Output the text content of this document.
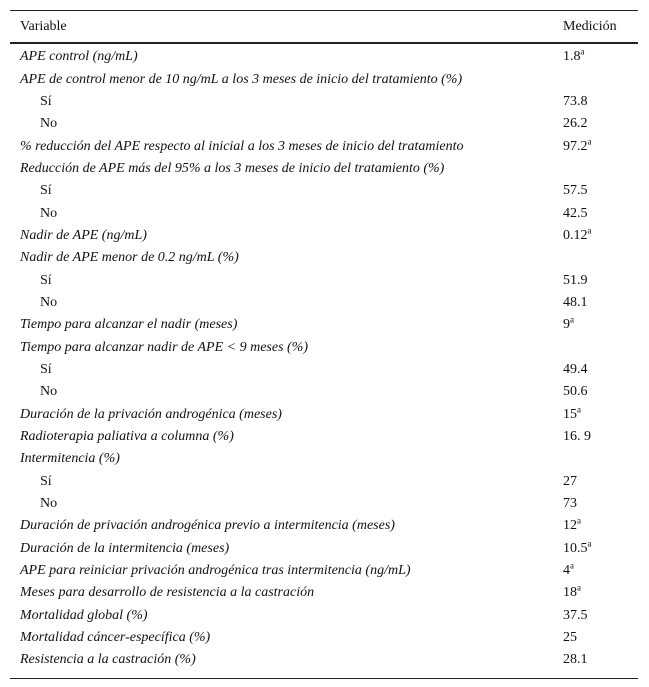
Variable	Medición
APE control (ng/mL)	1.8$^a$
APE de control menor de 10 ng/mL a los 3 meses de inicio del tratamiento (%)
Sí	73.8
No	26.2
% reducción del APE respecto al inicial a los 3 meses de inicio del tratamiento	97.2$^a$
Reducción de APE más del 95% a los 3 meses de inicio del tratamiento (%)
Sí	57.5
No	42.5
Nadir de APE (ng/mL)	0.12$^a$
Nadir de APE menor de 0.2 ng/mL (%)
Sí	51.9
No	48.1
Tiempo para alcanzar el nadir (meses)	9$^a$
Tiempo para alcanzar nadir de APE < 9 meses (%)
Sí	49.4
No	50.6
Duración de la privación androgénica (meses)	15$^a$
Radioterapia paliativa a columna (%)	16. 9
Intermitencia (%)
Sí	27
No	73
Duración de privación androgénica previo a intermitencia (meses)	12$^a$
Duración de la intermitencia (meses)	10.5$^a$
APE para reiniciar privación androgénica tras intermitencia (ng/mL)	4$^a$
Meses para desarrollo de resistencia a la castración	18$^a$
Mortalidad global (%)	37.5
Mortalidad cáncer-específica (%)	25
Resistencia a la castración (%)	28.1
